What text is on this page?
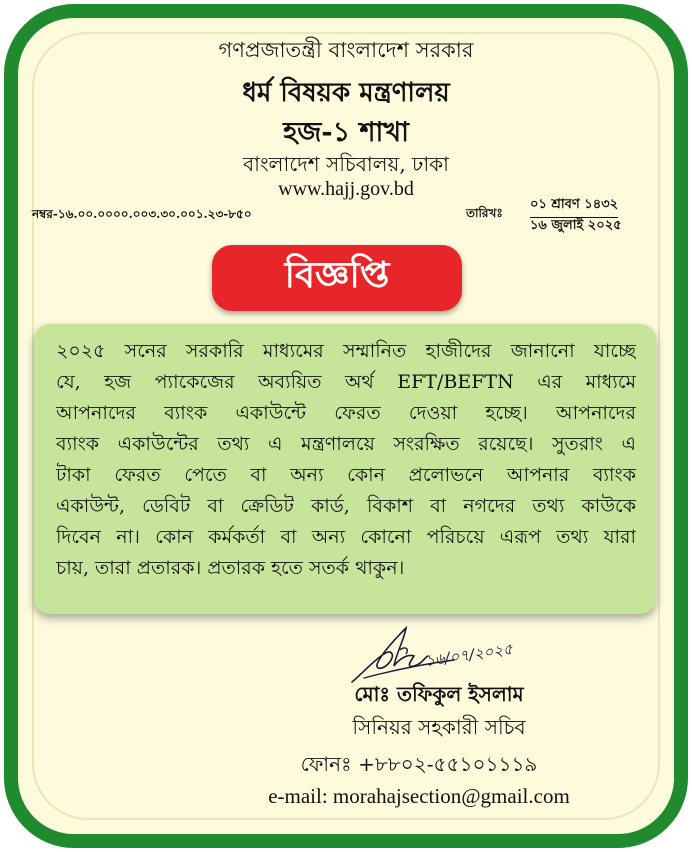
গণপ্রজাতন্ত্রী বাংলাদেশ সরকার
ধর্ম বিষয়ক মন্ত্রণালয়
হজ-১ শাখা
বাংলাদেশ সচিবালয়, ঢাকা
www.hajj.gov.bd
নম্বর-১৬.০০.০০০০.০০৩.৩০.০০১.২৩-৮৫০	তারিখঃ
০১ শ্রাবণ ১৪৩২
১৬ জুলাই ২০২৫
বিজ্ঞপ্তি
২০২৫ সনের সরকারি মাধ্যমের সম্মানিত হাজীদের জানানো যাচ্ছে
যে, হজ প্যাকেজের অব্যয়িত অর্থ EFT/BEFTN এর মাধ্যমে
আপনাদের ব্যাংক একাউন্টে ফেরত দেওয়া হচ্ছে। আপনাদের
ব্যাংক একাউন্টের তথ্য এ মন্ত্রণালয়ে সংরক্ষিত রয়েছে। সুতরাং এ
টাকা ফেরত পেতে বা অন্য কোন প্রলোভনে আপনার ব্যাংক
একাউন্ট, ডেবিট বা ক্রেডিট কার্ড, বিকাশ বা নগদের তথ্য কাউকে
দিবেন না। কোন কর্মকর্তা বা অন্য কোনো পরিচয়ে এরূপ তথ্য যারা
চায়, তারা প্রতারক। প্রতারক হতে সতর্ক থাকুন।
১৬/০৭/২০২৫
মোঃ তফিকুল ইসলাম
সিনিয়র সহকারী সচিব
ফোনঃ +৮৮০২-৫৫১০১১১৯
e-mail: morahajsection@gmail.com
